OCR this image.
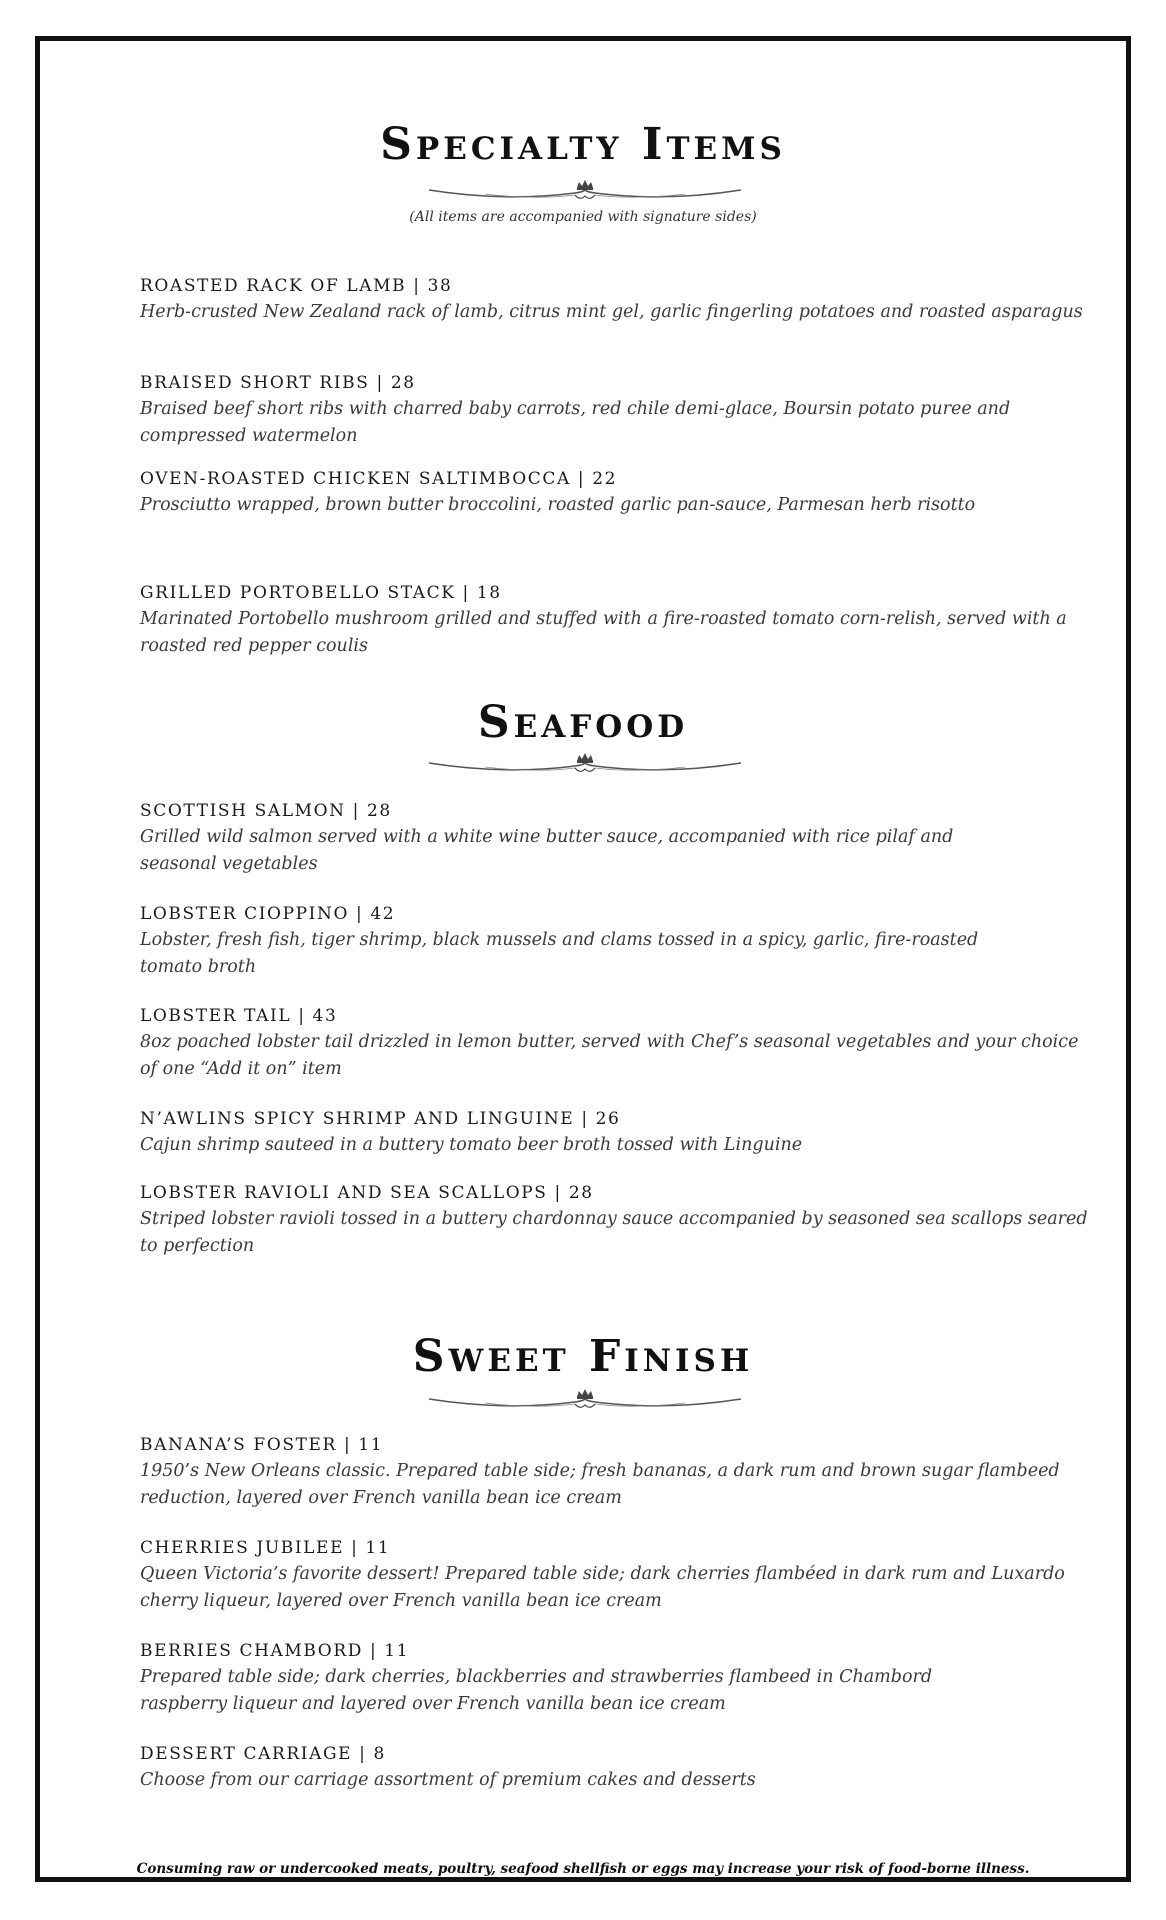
Specialty Items
(All items are accompanied with signature sides)
ROASTED RACK OF LAMB | 38
Herb-crusted New Zealand rack of lamb, citrus mint gel, garlic fingerling potatoes and roasted asparagus
BRAISED SHORT RIBS | 28
Braised beef short ribs with charred baby carrots, red chile demi-glace, Boursin potato puree and compressed watermelon
OVEN-ROASTED CHICKEN SALTIMBOCCA | 22
Prosciutto wrapped, brown butter broccolini, roasted garlic pan-sauce, Parmesan herb risotto
GRILLED PORTOBELLO STACK | 18
Marinated Portobello mushroom grilled and stuffed with a fire-roasted tomato corn-relish, served with a roasted red pepper coulis
Seafood
SCOTTISH SALMON | 28
Grilled wild salmon served with a white wine butter sauce, accompanied with rice pilaf and seasonal vegetables
LOBSTER CIOPPINO | 42
Lobster, fresh fish, tiger shrimp, black mussels and clams tossed in a spicy, garlic, fire-roasted tomato broth
LOBSTER TAIL | 43
8oz poached lobster tail drizzled in lemon butter, served with Chef’s seasonal vegetables and your choice of one “Add it on” item
N’AWLINS SPICY SHRIMP AND LINGUINE | 26
Cajun shrimp sauteed in a buttery tomato beer broth tossed with Linguine
LOBSTER RAVIOLI AND SEA SCALLOPS | 28
Striped lobster ravioli tossed in a buttery chardonnay sauce accompanied by seasoned sea scallops seared to perfection
Sweet Finish
BANANA’S FOSTER | 11
1950’s New Orleans classic. Prepared table side; fresh bananas, a dark rum and brown sugar flambeed reduction, layered over French vanilla bean ice cream
CHERRIES JUBILEE | 11
Queen Victoria’s favorite dessert! Prepared table side; dark cherries flambéed in dark rum and Luxardo cherry liqueur, layered over French vanilla bean ice cream
BERRIES CHAMBORD | 11
Prepared table side; dark cherries, blackberries and strawberries flambeed in Chambord raspberry liqueur and layered over French vanilla bean ice cream
DESSERT CARRIAGE | 8
Choose from our carriage assortment of premium cakes and desserts
Consuming raw or undercooked meats, poultry, seafood shellfish or eggs may increase your risk of food-borne illness.
